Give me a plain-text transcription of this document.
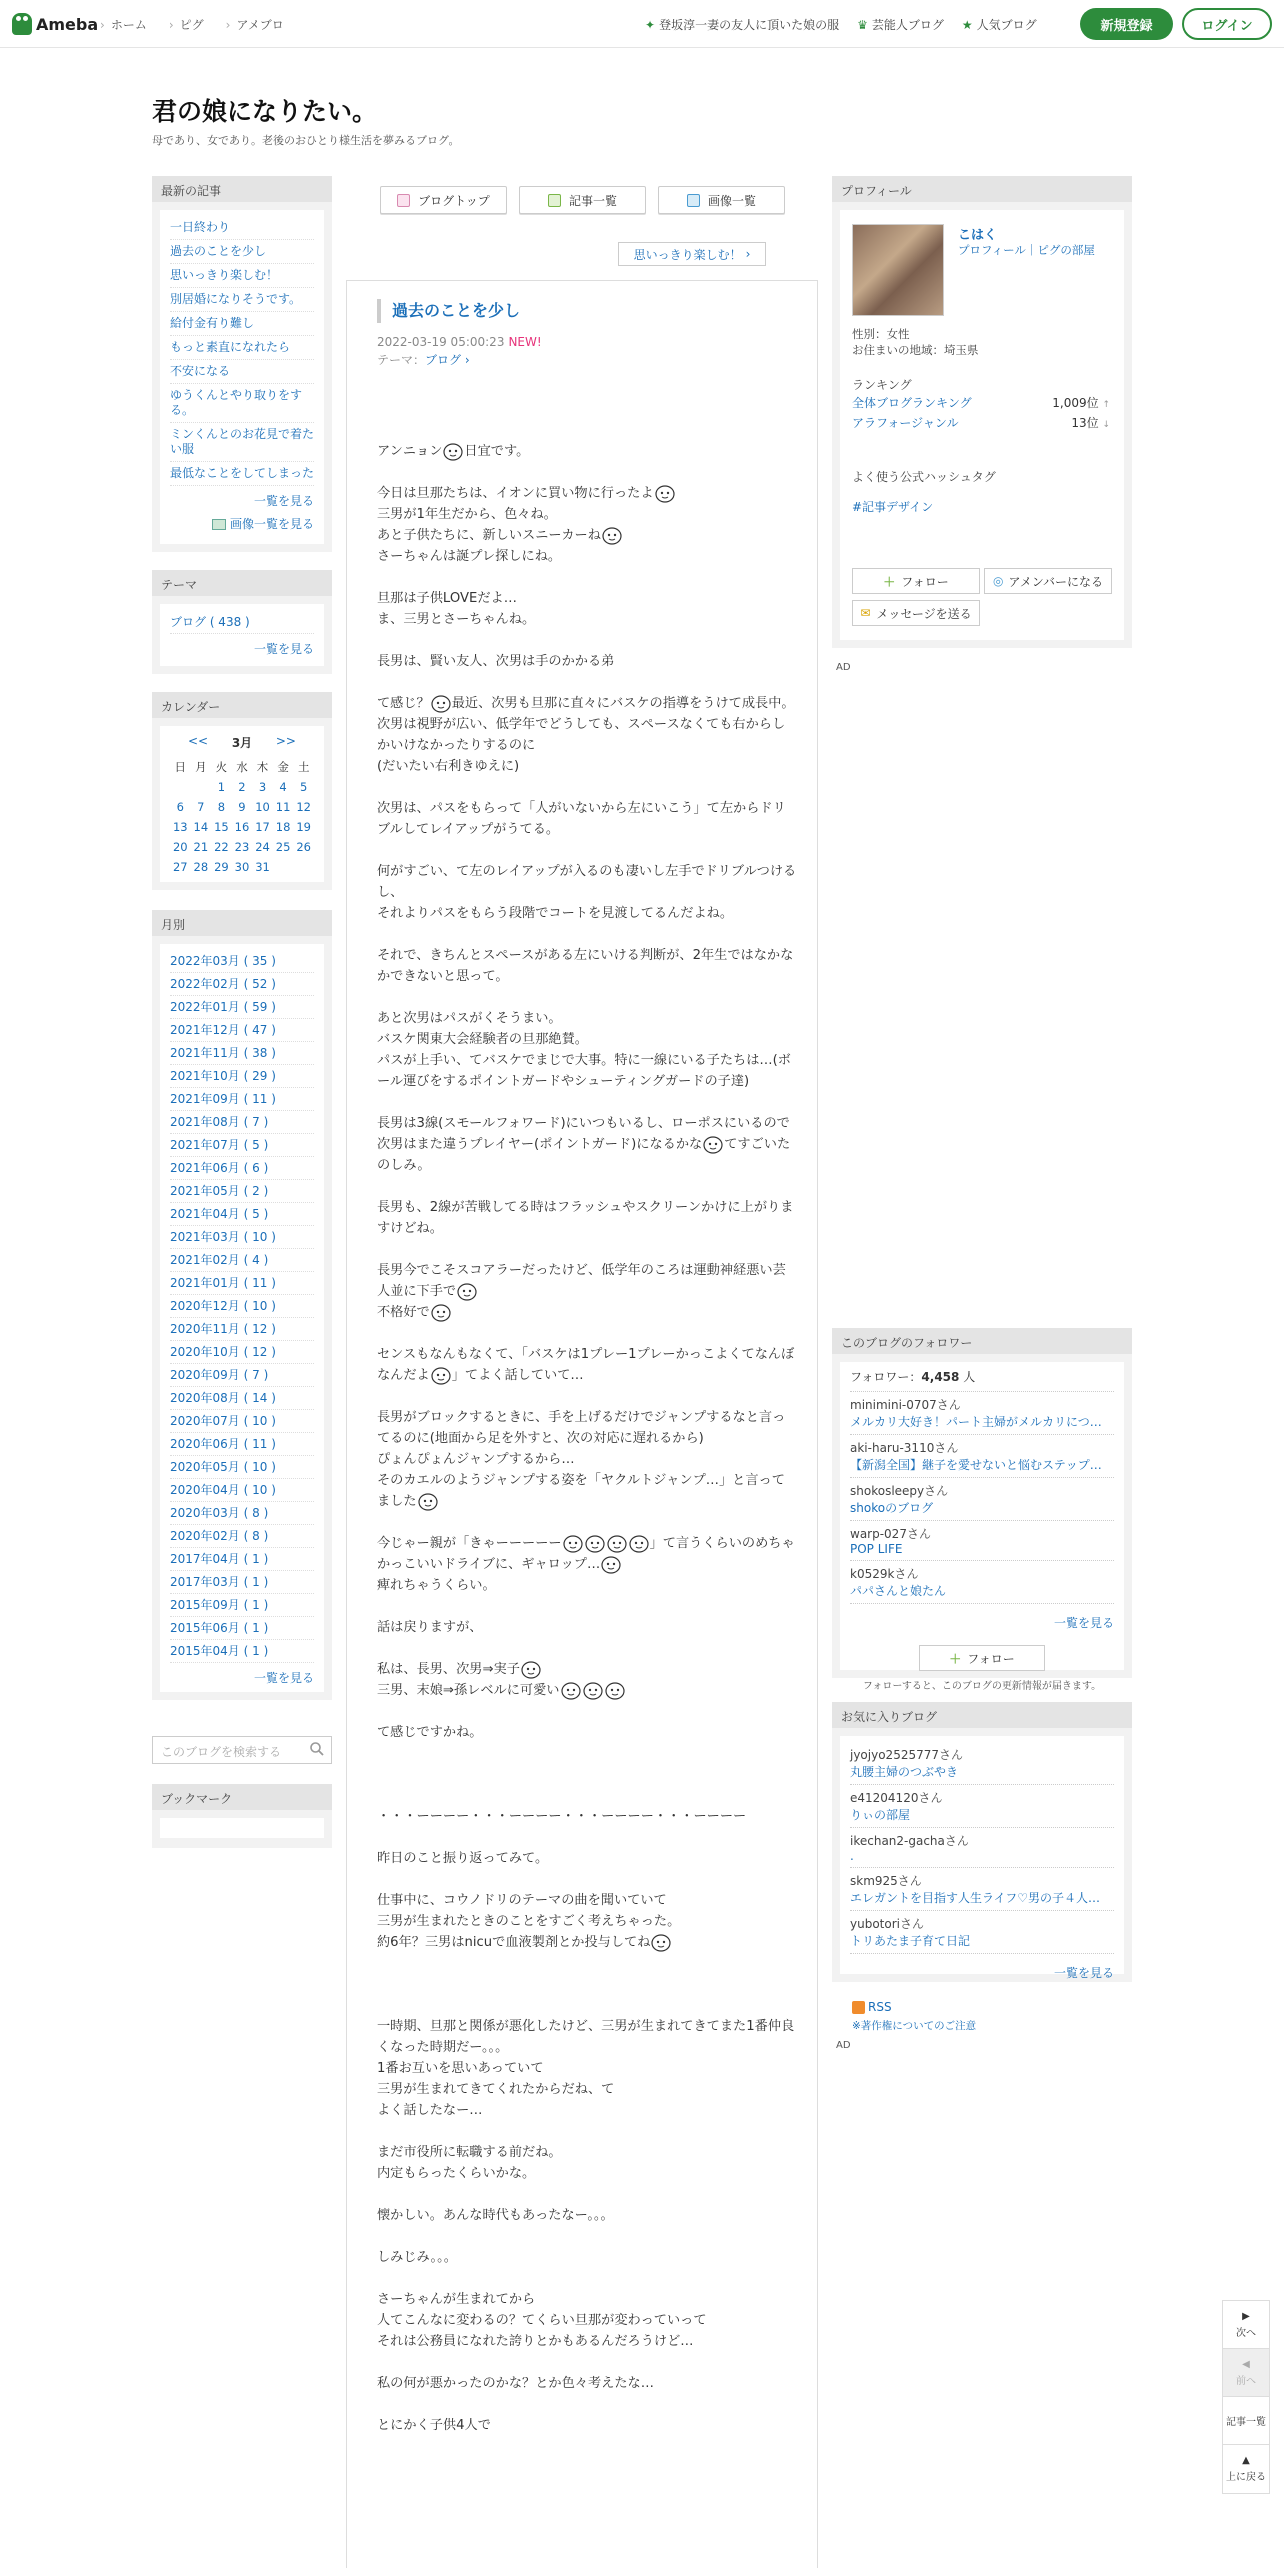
Ameba › ホーム › ピグ › アメブロ	✦ 登坂淳一妻の友人に頂いた娘の服 ♛ 芸能人ブログ ★ 人気ブログ	新規登録	ログイン
君の娘になりたい。
母であり、女であり。老後のおひとり様生活を夢みるブログ。
最新の記事
一日終わり
過去のことを少し
思いっきり楽しむ！
別居婚になりそうです。
給付金有り難し
もっと素直になれたら
不安になる
ゆうくんとやり取りをする。
ミンくんとのお花見で着たい服
最低なことをしてしまった
一覧を見る
画像一覧を見る
テーマ
ブログ ( 438 )
一覧を見る
カレンダー
<< 3月 >>
日	月	火	水	木	金	土
		1	2	3	4	5
6	7	8	9	10	11	12
13	14	15	16	17	18	19
20	21	22	23	24	25	26
27	28	29	30	31		
月別
2022年03月 ( 35 )
2022年02月 ( 52 )
2022年01月 ( 59 )
2021年12月 ( 47 )
2021年11月 ( 38 )
2021年10月 ( 29 )
2021年09月 ( 11 )
2021年08月 ( 7 )
2021年07月 ( 5 )
2021年06月 ( 6 )
2021年05月 ( 2 )
2021年04月 ( 5 )
2021年03月 ( 10 )
2021年02月 ( 4 )
2021年01月 ( 11 )
2020年12月 ( 10 )
2020年11月 ( 12 )
2020年10月 ( 12 )
2020年09月 ( 7 )
2020年08月 ( 14 )
2020年07月 ( 10 )
2020年06月 ( 11 )
2020年05月 ( 10 )
2020年04月 ( 10 )
2020年03月 ( 8 )
2020年02月 ( 8 )
2017年04月 ( 1 )
2017年03月 ( 1 )
2015年09月 ( 1 )
2015年06月 ( 1 )
2015年04月 ( 1 )
一覧を見る
このブログを検索する
ブックマーク
ブログトップ	記事一覧	画像一覧
思いっきり楽しむ！ ›
過去のことを少し
2022-03-19 05:00:23 NEW!
テーマ：ブログ ›

アンニョン 日宜です。

今日は旦那たちは、イオンに買い物に行ったよ
三男が1年生だから、色々ね。
あと子供たちに、新しいスニーカーね
さーちゃんは誕プレ探しにね。

旦那は子供LOVEだよ…
ま、三男とさーちゃんね。

長男は、賢い友人、次男は手のかかる弟

て感じ？ 最近、次男も旦那に直々にバスケの指導をうけて成長中。
次男は視野が広い、低学年でどうしても、スペースなくても右からしかいけなかったりするのに
(だいたい右利きゆえに)

次男は、パスをもらって「人がいないから左にいこう」て左からドリブルしてレイアップがうてる。

何がすごい、て左のレイアップが入るのも凄いし左手でドリブルつけるし、
それよりパスをもらう段階でコートを見渡してるんだよね。

それで、きちんとスペースがある左にいける判断が、2年生ではなかなかできないと思って。

あと次男はパスがくそうまい。
バスケ関東大会経験者の旦那絶賛。
パスが上手い、てバスケでまじで大事。特に一線にいる子たちは…(ボール運びをするポイントガードやシューティングガードの子達)

長男は3線(スモールフォワード)にいつもいるし、ローポスにいるので
次男はまた違うプレイヤー(ポイントガード)になるかな てすごいたのしみ。

長男も、2線が苦戦してる時はフラッシュやスクリーンかけに上がりますけどね。

長男今でこそスコアラーだったけど、低学年のころは運動神経悪い芸人並に下手で
不格好で

センスもなんもなくて、「バスケは1プレー1プレーかっこよくてなんぼなんだよ 」てよく話していて…

長男がブロックするときに、手を上げるだけでジャンプするなと言ってるのに(地面から足を外すと、次の対応に遅れるから)
ぴょんぴょんジャンプするから…
そのカエルのようジャンプする姿を「ヤクルトジャンプ…」と言ってました

今じゃー親が「きゃーーーーー	」て言うくらいのめちゃかっこいいドライブに、ギャロップ…
痺れちゃうくらい。

話は戻りますが、

私は、長男、次男⇒実子
三男、末娘⇒孫レベルに可愛い

て感じですかね。

・・・ーーーー・・・ーーーー・・・ーーーー・・・ーーーー

昨日のこと振り返ってみて。

仕事中に、コウノドリのテーマの曲を聞いていて
三男が生まれたときのことをすごく考えちゃった。
約6年？三男はnicuで血液製剤とか投与してね

一時期、旦那と関係が悪化したけど、三男が生まれてきてまた1番仲良くなった時期だー。。。
1番お互いを思いあっていて
三男が生まれてきてくれたからだね、て
よく話したなー…

まだ市役所に転職する前だね。
内定もらったくらいかな。

懐かしい。あんな時代もあったなー。。。

しみじみ。。。

さーちゃんが生まれてから
人てこんなに変わるの？てくらい旦那が変わっていって
それは公務員になれた誇りとかもあるんだろうけど…

私の何が悪かったのかな？とか色々考えたな…

とにかく子供4人で

プロフィール
こはく
プロフィール｜ピグの部屋
性別：女性
お住まいの地域：埼玉県
ランキング
全体ブログランキング	1,009位 ↑
アラフォージャンル	13位 ↓
よく使う公式ハッシュタグ
#記事デザイン
＋ フォロー	◎ アメンバーになる
✉ メッセージを送る
AD
このブログのフォロワー
フォロワー：4,458 人
minimini-0707さん
メルカリ大好き！パート主婦がメルカリにつ…
aki-haru-3110さん
【新潟全国】継子を愛せないと悩むステップ…
shokosleepyさん
shokoのブログ
warp-027さん
POP LIFE
k0529kさん
パパさんと娘たん
一覧を見る
＋ フォロー
フォローすると、このブログの更新情報が届きます。
お気に入りブログ
jyojyo2525777さん
丸腰主婦のつぶやき
e41204120さん
りぃの部屋
ikechan2-gachaさん
.
skm925さん
エレガントを目指す人生ライフ♡男の子４人…
yubotoriさん
トリあたま子育て日記
一覧を見る
RSS
※著作権についてのご注意
AD
▶
次へ
◀
前へ
記事一覧
▲
上に戻る
